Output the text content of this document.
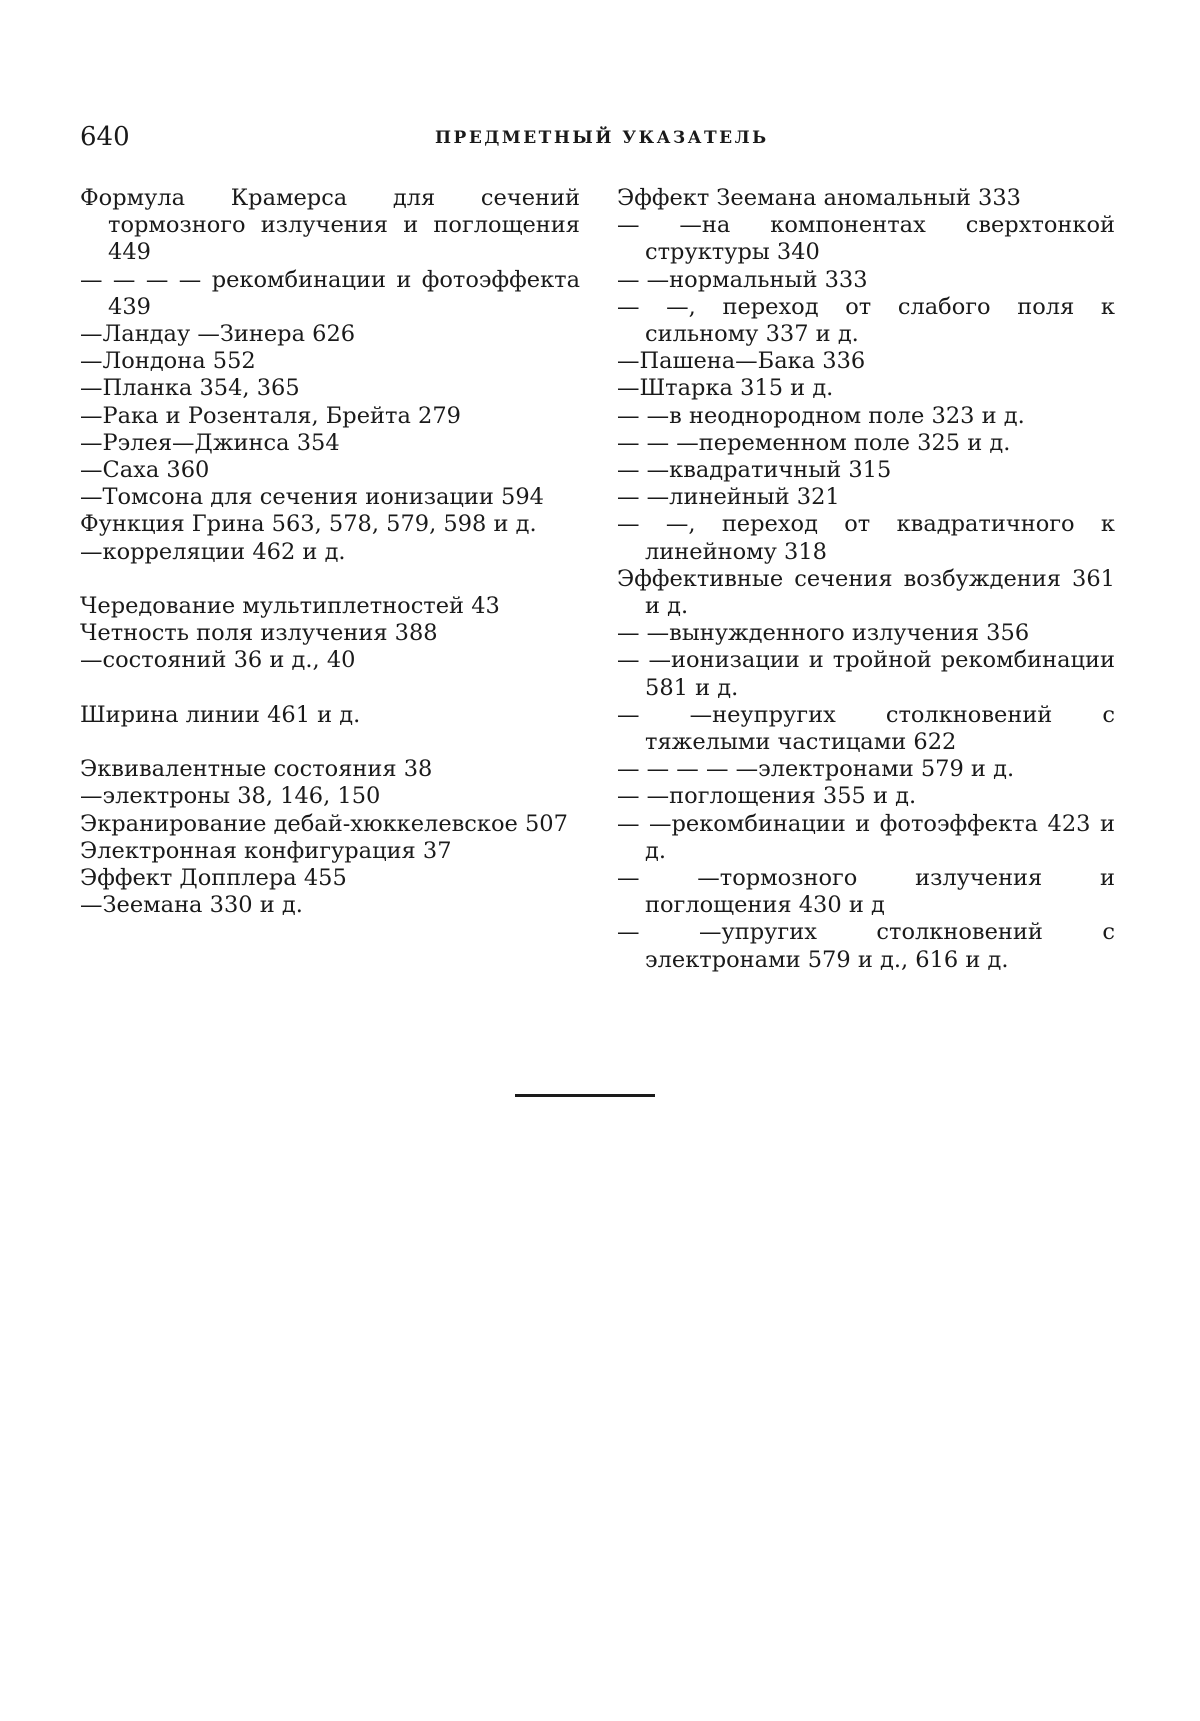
640	ПРЕДМЕТНЫЙ УКАЗАТЕЛЬ

Формула Крамерса для сечений тормозного излучения и поглощения 449

— — — — рекомбинации и фотоэффекта 439

—Ландау —Зинера 626

—Лондона 552

—Планка 354, 365

—Рака и Розенталя, Брейта 279

—Рэлея—Джинса 354

—Саха 360

—Томсона для сечения ионизации 594

Функция Грина 563, 578, 579, 598 и д.

—корреляции 462 и д.

Чередование мультиплетностей 43

Четность поля излучения 388

—состояний 36 и д., 40

Ширина линии 461 и д.

Эквивалентные состояния 38

—электроны 38, 146, 150

Экранирование дебай-хюккелевское 507

Электронная конфигурация 37

Эффект Допплера 455

—Зеемана 330 и д.

Эффект Зеемана аномальный 333

— —на компонентах сверхтонкой структуры 340

— —нормальный 333

— —, переход от слабого поля к сильному 337 и д.

—Пашена—Бака 336

—Штарка 315 и д.

— —в неоднородном поле 323 и д.

— — —переменном поле 325 и д.

— —квадратичный 315

— —линейный 321

— —, переход от квадратичного к линейному 318

Эффективные сечения возбуждения 361 и д.

— —вынужденного излучения 356

— —ионизации и тройной рекомбинации 581 и д.

— —неупругих столкновений с тяжелыми частицами 622

— — — — —электронами 579 и д.

— —поглощения 355 и д.

— —рекомбинации и фотоэффекта 423 и д.

— —тормозного излучения и поглощения 430 и д

— —упругих столкновений с электронами 579 и д., 616 и д.
